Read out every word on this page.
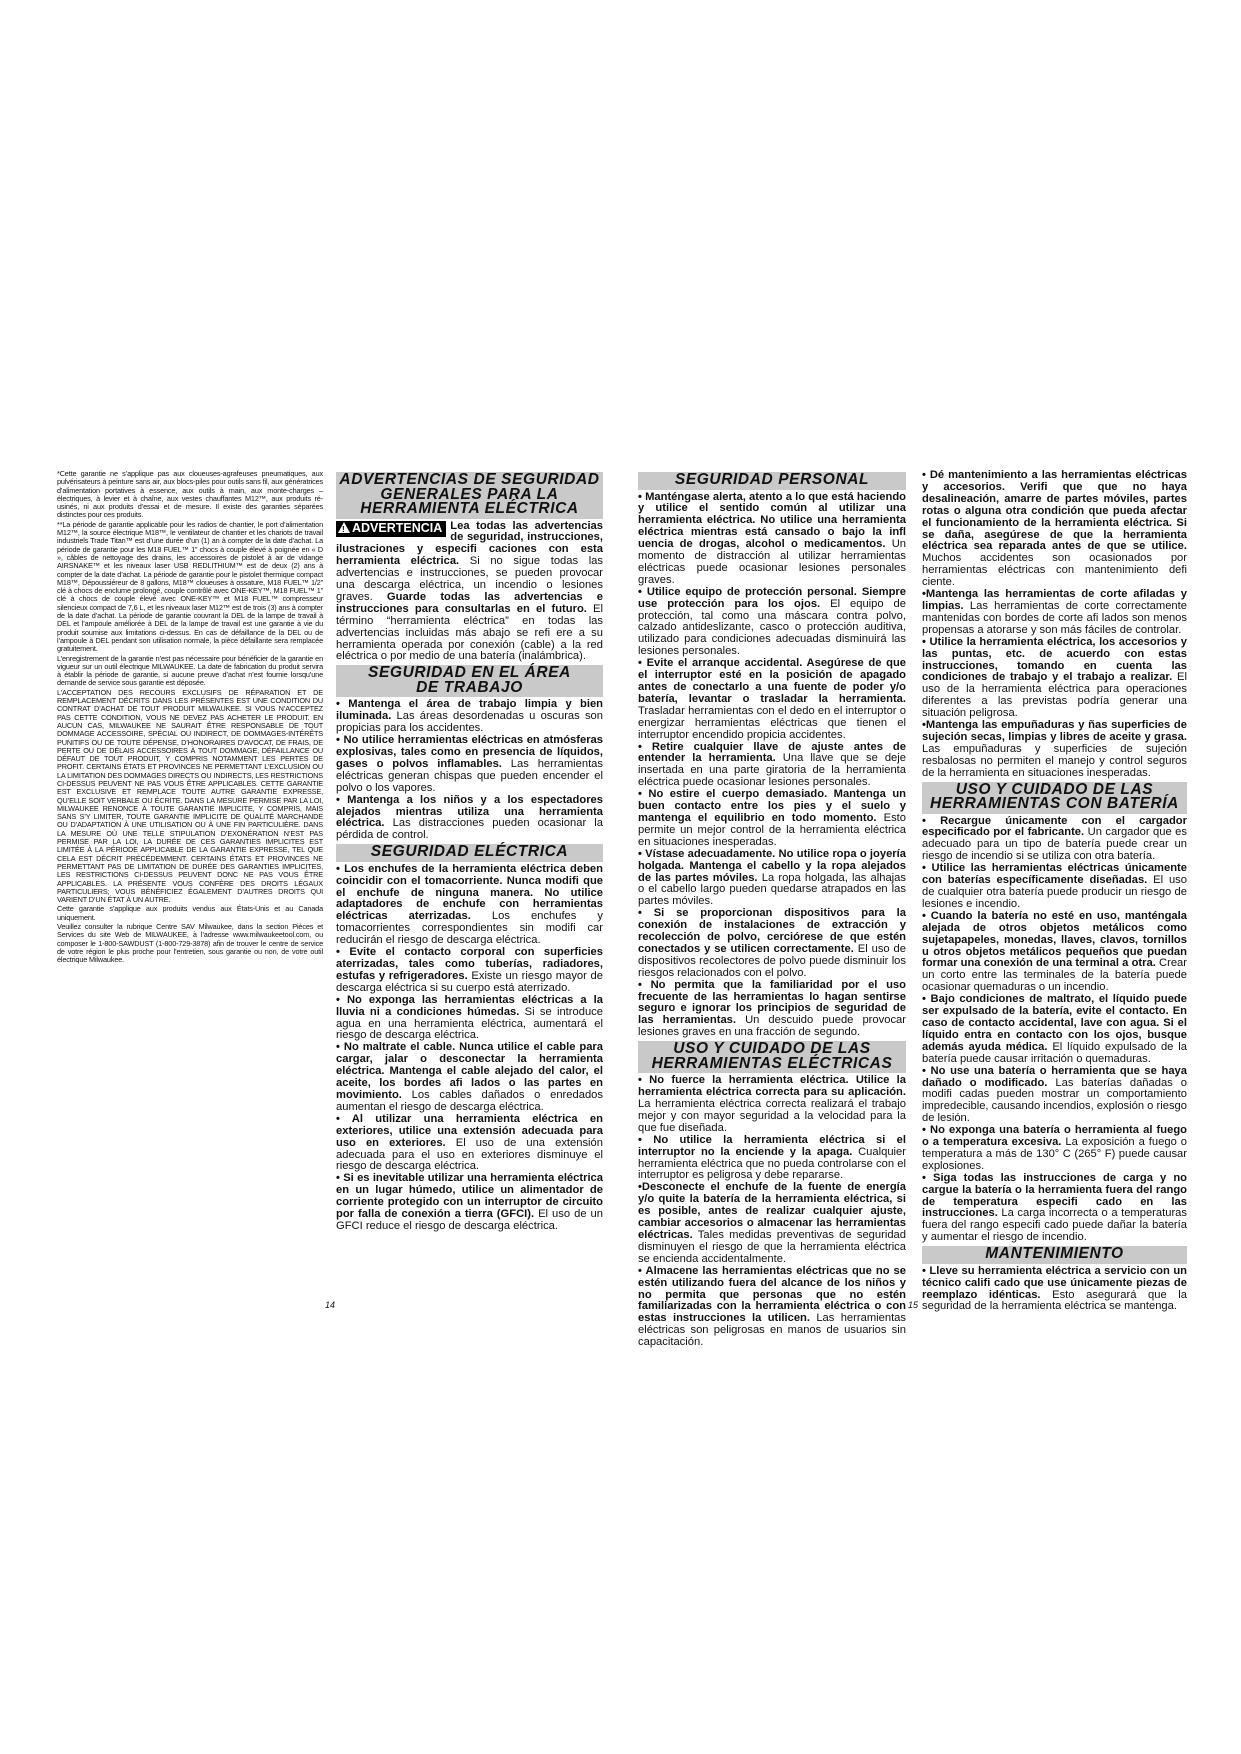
*Cette garantie ne s’applique pas aux cloueuses-agrafeuses pneumatiques, aux pulvérisateurs à peinture sans air, aux blocs-piles pour outils sans fil, aux génératrices d’alimentation portatives à essence, aux outils à main, aux monte-charges – électriques, à levier et à chaîne, aux vestes chauffantes M12™, aux produits ré-usinés, ni aux produits d’essai et de mesure. Il existe des garanties séparées distinctes pour ces produits.

**La période de garantie applicable pour les radios de chantier, le port d’alimentation M12™, la source électrique M18™, le ventilateur de chantier et les chariots de travail industriels Trade Titan™ est d’une durée d’un (1) an à compter de la date d’achat. La période de garantie pour les M18 FUEL™ 1” chocs à couple élevé à poignée en « D », câbles de nettoyage des drains, les accessoires de pistolet à air de vidange AIRSNAKE™ et les niveaux laser USB REDLITHIUM™ est de deux (2) ans à compter de la date d’achat. La période de garantie pour le pistolet thermique compact M18™, Dépoussiéreur de 8 gallons, M18™ cloueuses à ossature, M18 FUEL™ 1/2” clé à chocs de enclume prolongé, couple contrôlé avec ONE-KEY™, M18 FUEL™ 1” clé à chocs de couple élevé avec ONE-KEY™ et M18 FUEL™ compresseur silencieux compact de 7,6 L, et les niveaux laser M12™ est de trois (3) ans à compter de la date d’achat. La période de garantie couvrant la DEL de la lampe de travail à DEL et l’ampoule améliorée à DEL de la lampe de travail est une garantie à vie du produit soumise aux limitations ci-dessus. En cas de défaillance de la DEL ou de l’ampoule à DEL pendant son utilisation normale, la pièce défaillante sera remplacée gratuitement.

L’enregistrement de la garantie n’est pas nécessaire pour bénéficier de la garantie en vigueur sur un outil électrique MILWAUKEE. La date de fabrication du produit servira à établir la période de garantie, si aucune preuve d’achat n’est fournie lorsqu’une demande de service sous garantie est déposée.

L’ACCEPTATION DES RECOURS EXCLUSIFS DE RÉPARATION ET DE REMPLACEMENT DÉCRITS DANS LES PRÉSENTES EST UNE CONDITION DU CONTRAT D’ACHAT DE TOUT PRODUIT MILWAUKEE. SI VOUS N’ACCEPTEZ PAS CETTE CONDITION, VOUS NE DEVEZ PAS ACHETER LE PRODUIT. EN AUCUN CAS, MILWAUKEE NE SAURAIT ÊTRE RESPONSABLE DE TOUT DOMMAGE ACCESSOIRE, SPÉCIAL OU INDIRECT, DE DOMMAGES-INTÉRÊTS PUNITIFS OU DE TOUTE DÉPENSE, D’HONORAIRES D’AVOCAT, DE FRAIS, DE PERTE OU DE DÉLAIS ACCESSOIRES À TOUT DOMMAGE, DÉFAILLANCE OU DÉFAUT DE TOUT PRODUIT, Y COMPRIS NOTAMMENT LES PERTES DE PROFIT. CERTAINS ÉTATS ET PROVINCES NE PERMETTANT L’EXCLUSION OU LA LIMITATION DES DOMMAGES DIRECTS OU INDIRECTS, LES RESTRICTIONS CI-DESSUS PEUVENT NE PAS VOUS ÊTRE APPLICABLES. CETTE GARANTIE EST EXCLUSIVE ET REMPLACE TOUTE AUTRE GARANTIE EXPRESSE, QU’ELLE SOIT VERBALE OU ÉCRITE. DANS LA MESURE PERMISE PAR LA LOI, MILWAUKEE RENONCE À TOUTE GARANTIE IMPLICITE, Y COMPRIS, MAIS SANS S’Y LIMITER, TOUTE GARANTIE IMPLICITE DE QUALITÉ MARCHANDE OU D’ADAPTATION À UNE UTILISATION OU À UNE FIN PARTICULIÈRE. DANS LA MESURE OÙ UNE TELLE STIPULATION D’EXONÉRATION N’EST PAS PERMISE PAR LA LOI, LA DURÉE DE CES GARANTIES IMPLICITES EST LIMITÉE À LA PÉRIODE APPLICABLE DE LA GARANTIE EXPRESSE, TEL QUE CELA EST DÉCRIT PRÉCÉDEMMENT. CERTAINS ÉTATS ET PROVINCES NE PERMETTANT PAS DE LIMITATION DE DURÉE DES GARANTIES IMPLICITES, LES RESTRICTIONS CI-DESSUS PEUVENT DONC NE PAS VOUS ÊTRE APPLICABLES. LA PRÉSENTE VOUS CONFÈRE DES DROITS LÉGAUX PARTICULIERS; VOUS BÉNÉFICIEZ ÉGALEMENT D’AUTRES DROITS QUI VARIENT D’UN ÉTAT À UN AUTRE.

Cette garantie s’applique aux produits vendus aux États-Unis et au Canada uniquement.

Veuillez consulter la rubrique Centre SAV Milwaukee, dans la section Pièces et Services du site Web de MILWAUKEE, à l’adresse www.milwaukeetool.com, ou composer le 1-800-SAWDUST (1-800-729-3878) afin de trouver le centre de service de votre région le plus proche pour l’entretien, sous garantie ou non, de votre outil électrique Milwaukee.

ADVERTENCIAS DE SEGURIDAD
GENERALES PARA LA
HERRAMIENTA ELÉCTRICA

!ADVERTENCIA Lea todas las advertencias de seguridad, instrucciones, ilustraciones y especifi caciones con esta herramienta eléctrica. Si no sigue todas las advertencias e instrucciones, se pueden provocar una descarga eléctrica, un incendio o lesiones graves. Guarde todas las advertencias e instrucciones para consultarlas en el futuro. El término “herramienta eléctrica” en todas las advertencias incluidas más abajo se refi ere a su herramienta operada por conexión (cable) a la red eléctrica o por medio de una batería (inalámbrica).

SEGURIDAD EN EL ÁREA
DE TRABAJO

• Mantenga el área de trabajo limpia y bien iluminada. Las áreas desordenadas u oscuras son propicias para los accidentes.

• No utilice herramientas eléctricas en atmósferas explosivas, tales como en presencia de líquidos, gases o polvos inflamables. Las herramientas eléctricas generan chispas que pueden encender el polvo o los vapores.

• Mantenga a los niños y a los espectadores alejados mientras utiliza una herramienta eléctrica. Las distracciones pueden ocasionar la pérdida de control.

SEGURIDAD ELÉCTRICA

• Los enchufes de la herramienta eléctrica deben coincidir con el tomacorriente. Nunca modifi que el enchufe de ninguna manera. No utilice adaptadores de enchufe con herramientas eléctricas aterrizadas. Los enchufes y tomacorrientes correspondientes sin modifi car reducirán el riesgo de descarga eléctrica.

• Evite el contacto corporal con superficies aterrizadas, tales como tuberías, radiadores, estufas y refrigeradores. Existe un riesgo mayor de descarga eléctrica si su cuerpo está aterrizado.

• No exponga las herramientas eléctricas a la lluvia ni a condiciones húmedas. Si se introduce agua en una herramienta eléctrica, aumentará el riesgo de descarga eléctrica.

• No maltrate el cable. Nunca utilice el cable para cargar, jalar o desconectar la herramienta eléctrica. Mantenga el cable alejado del calor, el aceite, los bordes afi lados o las partes en movimiento. Los cables dañados o enredados aumentan el riesgo de descarga eléctrica.

• Al utilizar una herramienta eléctrica en exteriores, utilice una extensión adecuada para uso en exteriores. El uso de una extensión adecuada para el uso en exteriores disminuye el riesgo de descarga eléctrica.

• Si es inevitable utilizar una herramienta eléctrica en un lugar húmedo, utilice un alimentador de corriente protegido con un interruptor de circuito por falla de conexión a tierra (GFCI). El uso de un GFCI reduce el riesgo de descarga eléctrica.

SEGURIDAD PERSONAL

• Manténgase alerta, atento a lo que está haciendo y utilice el sentido común al utilizar una herramienta eléctrica. No utilice una herramienta eléctrica mientras está cansado o bajo la infl uencia de drogas, alcohol o medicamentos. Un momento de distracción al utilizar herramientas eléctricas puede ocasionar lesiones personales graves.

• Utilice equipo de protección personal. Siempre use protección para los ojos. El equipo de protección, tal como una máscara contra polvo, calzado antideslizante, casco o protección auditiva, utilizado para condiciones adecuadas disminuirá las lesiones personales.

• Evite el arranque accidental. Asegúrese de que el interruptor esté en la posición de apagado antes de conectarlo a una fuente de poder y/o batería, levantar o trasladar la herramienta. Trasladar herramientas con el dedo en el interruptor o energizar herramientas eléctricas que tienen el interruptor encendido propicia accidentes.

• Retire cualquier llave de ajuste antes de entender la herramienta. Una llave que se deje insertada en una parte giratoria de la herramienta eléctrica puede ocasionar lesiones personales.

• No estire el cuerpo demasiado. Mantenga un buen contacto entre los pies y el suelo y mantenga el equilibrio en todo momento. Esto permite un mejor control de la herramienta eléctrica en situaciones inesperadas.

• Vístase adecuadamente. No utilice ropa o joyería holgada. Mantenga el cabello y la ropa alejados de las partes móviles. La ropa holgada, las alhajas o el cabello largo pueden quedarse atrapados en las partes móviles.

• Si se proporcionan dispositivos para la conexión de instalaciones de extracción y recolección de polvo, cerciórese de que estén conectados y se utilicen correctamente. El uso de dispositivos recolectores de polvo puede disminuir los riesgos relacionados con el polvo.

• No permita que la familiaridad por el uso frecuente de las herramientas lo hagan sentirse seguro e ignorar los principios de seguridad de las herramientas. Un descuido puede provocar lesiones graves en una fracción de segundo.

USO Y CUIDADO DE LAS
HERRAMIENTAS ELÉCTRICAS

• No fuerce la herramienta eléctrica. Utilice la herramienta eléctrica correcta para su aplicación. La herramienta eléctrica correcta realizará el trabajo mejor y con mayor seguridad a la velocidad para la que fue diseñada.

• No utilice la herramienta eléctrica si el interruptor no la enciende y la apaga. Cualquier herramienta eléctrica que no pueda controlarse con el interruptor es peligrosa y debe repararse.

•Desconecte el enchufe de la fuente de energía y/o quite la batería de la herramienta eléctrica, si es posible, antes de realizar cualquier ajuste, cambiar accesorios o almacenar las herramientas eléctricas. Tales medidas preventivas de seguridad disminuyen el riesgo de que la herramienta eléctrica se encienda accidentalmente.

• Almacene las herramientas eléctricas que no se estén utilizando fuera del alcance de los niños y no permita que personas que no estén familiarizadas con la herramienta eléctrica o con estas instrucciones la utilicen. Las herramientas eléctricas son peligrosas en manos de usuarios sin capacitación.

• Dé mantenimiento a las herramientas eléctricas y accesorios. Verifi que que no haya desalineación, amarre de partes móviles, partes rotas o alguna otra condición que pueda afectar el funcionamiento de la herramienta eléctrica. Si se daña, asegúrese de que la herramienta eléctrica sea reparada antes de que se utilice. Muchos accidentes son ocasionados por herramientas eléctricas con mantenimiento defi ciente.

•Mantenga las herramientas de corte afiladas y limpias. Las herramientas de corte correctamente mantenidas con bordes de corte afi lados son menos propensas a atorarse y son más fáciles de controlar.

• Utilice la herramienta eléctrica, los accesorios y las puntas, etc. de acuerdo con estas instrucciones, tomando en cuenta las condiciones de trabajo y el trabajo a realizar. El uso de la herramienta eléctrica para operaciones diferentes a las previstas podría generar una situación peligrosa.

•Mantenga las empuñaduras y ñas superficies de sujeción secas, limpias y libres de aceite y grasa. Las empuñaduras y superficies de sujeción resbalosas no permiten el manejo y control seguros de la herramienta en situaciones inesperadas.

USO Y CUIDADO DE LAS
HERRAMIENTAS CON BATERÍA

• Recargue únicamente con el cargador especificado por el fabricante. Un cargador que es adecuado para un tipo de batería puede crear un riesgo de incendio si se utiliza con otra batería.

• Utilice las herramientas eléctricas únicamente con baterías específicamente diseñadas. El uso de cualquier otra batería puede producir un riesgo de lesiones e incendio.

• Cuando la batería no esté en uso, manténgala alejada de otros objetos metálicos como sujetapapeles, monedas, llaves, clavos, tornillos u otros objetos metálicos pequeños que puedan formar una conexión de una terminal a otra. Crear un corto entre las terminales de la batería puede ocasionar quemaduras o un incendio.

• Bajo condiciones de maltrato, el líquido puede ser expulsado de la batería, evite el contacto. En caso de contacto accidental, lave con agua. Si el líquido entra en contacto con los ojos, busque además ayuda médica. El líquido expulsado de la batería puede causar irritación o quemaduras.

• No use una batería o herramienta que se haya dañado o modificado. Las baterías dañadas o modifi cadas pueden mostrar un comportamiento impredecible, causando incendios, explosión o riesgo de lesión.

• No exponga una batería o herramienta al fuego o a temperatura excesiva. La exposición a fuego o temperatura a más de 130° C (265° F) puede causar explosiones.

• Siga todas las instrucciones de carga y no cargue la batería o la herramienta fuera del rango de temperatura especifi cado en las instrucciones. La carga incorrecta o a temperaturas fuera del rango especifi cado puede dañar la batería y aumentar el riesgo de incendio.

MANTENIMIENTO

• Lleve su herramienta eléctrica a servicio con un técnico califi cado que use únicamente piezas de reemplazo idénticas. Esto asegurará que la seguridad de la herramienta eléctrica se mantenga.

14	15
